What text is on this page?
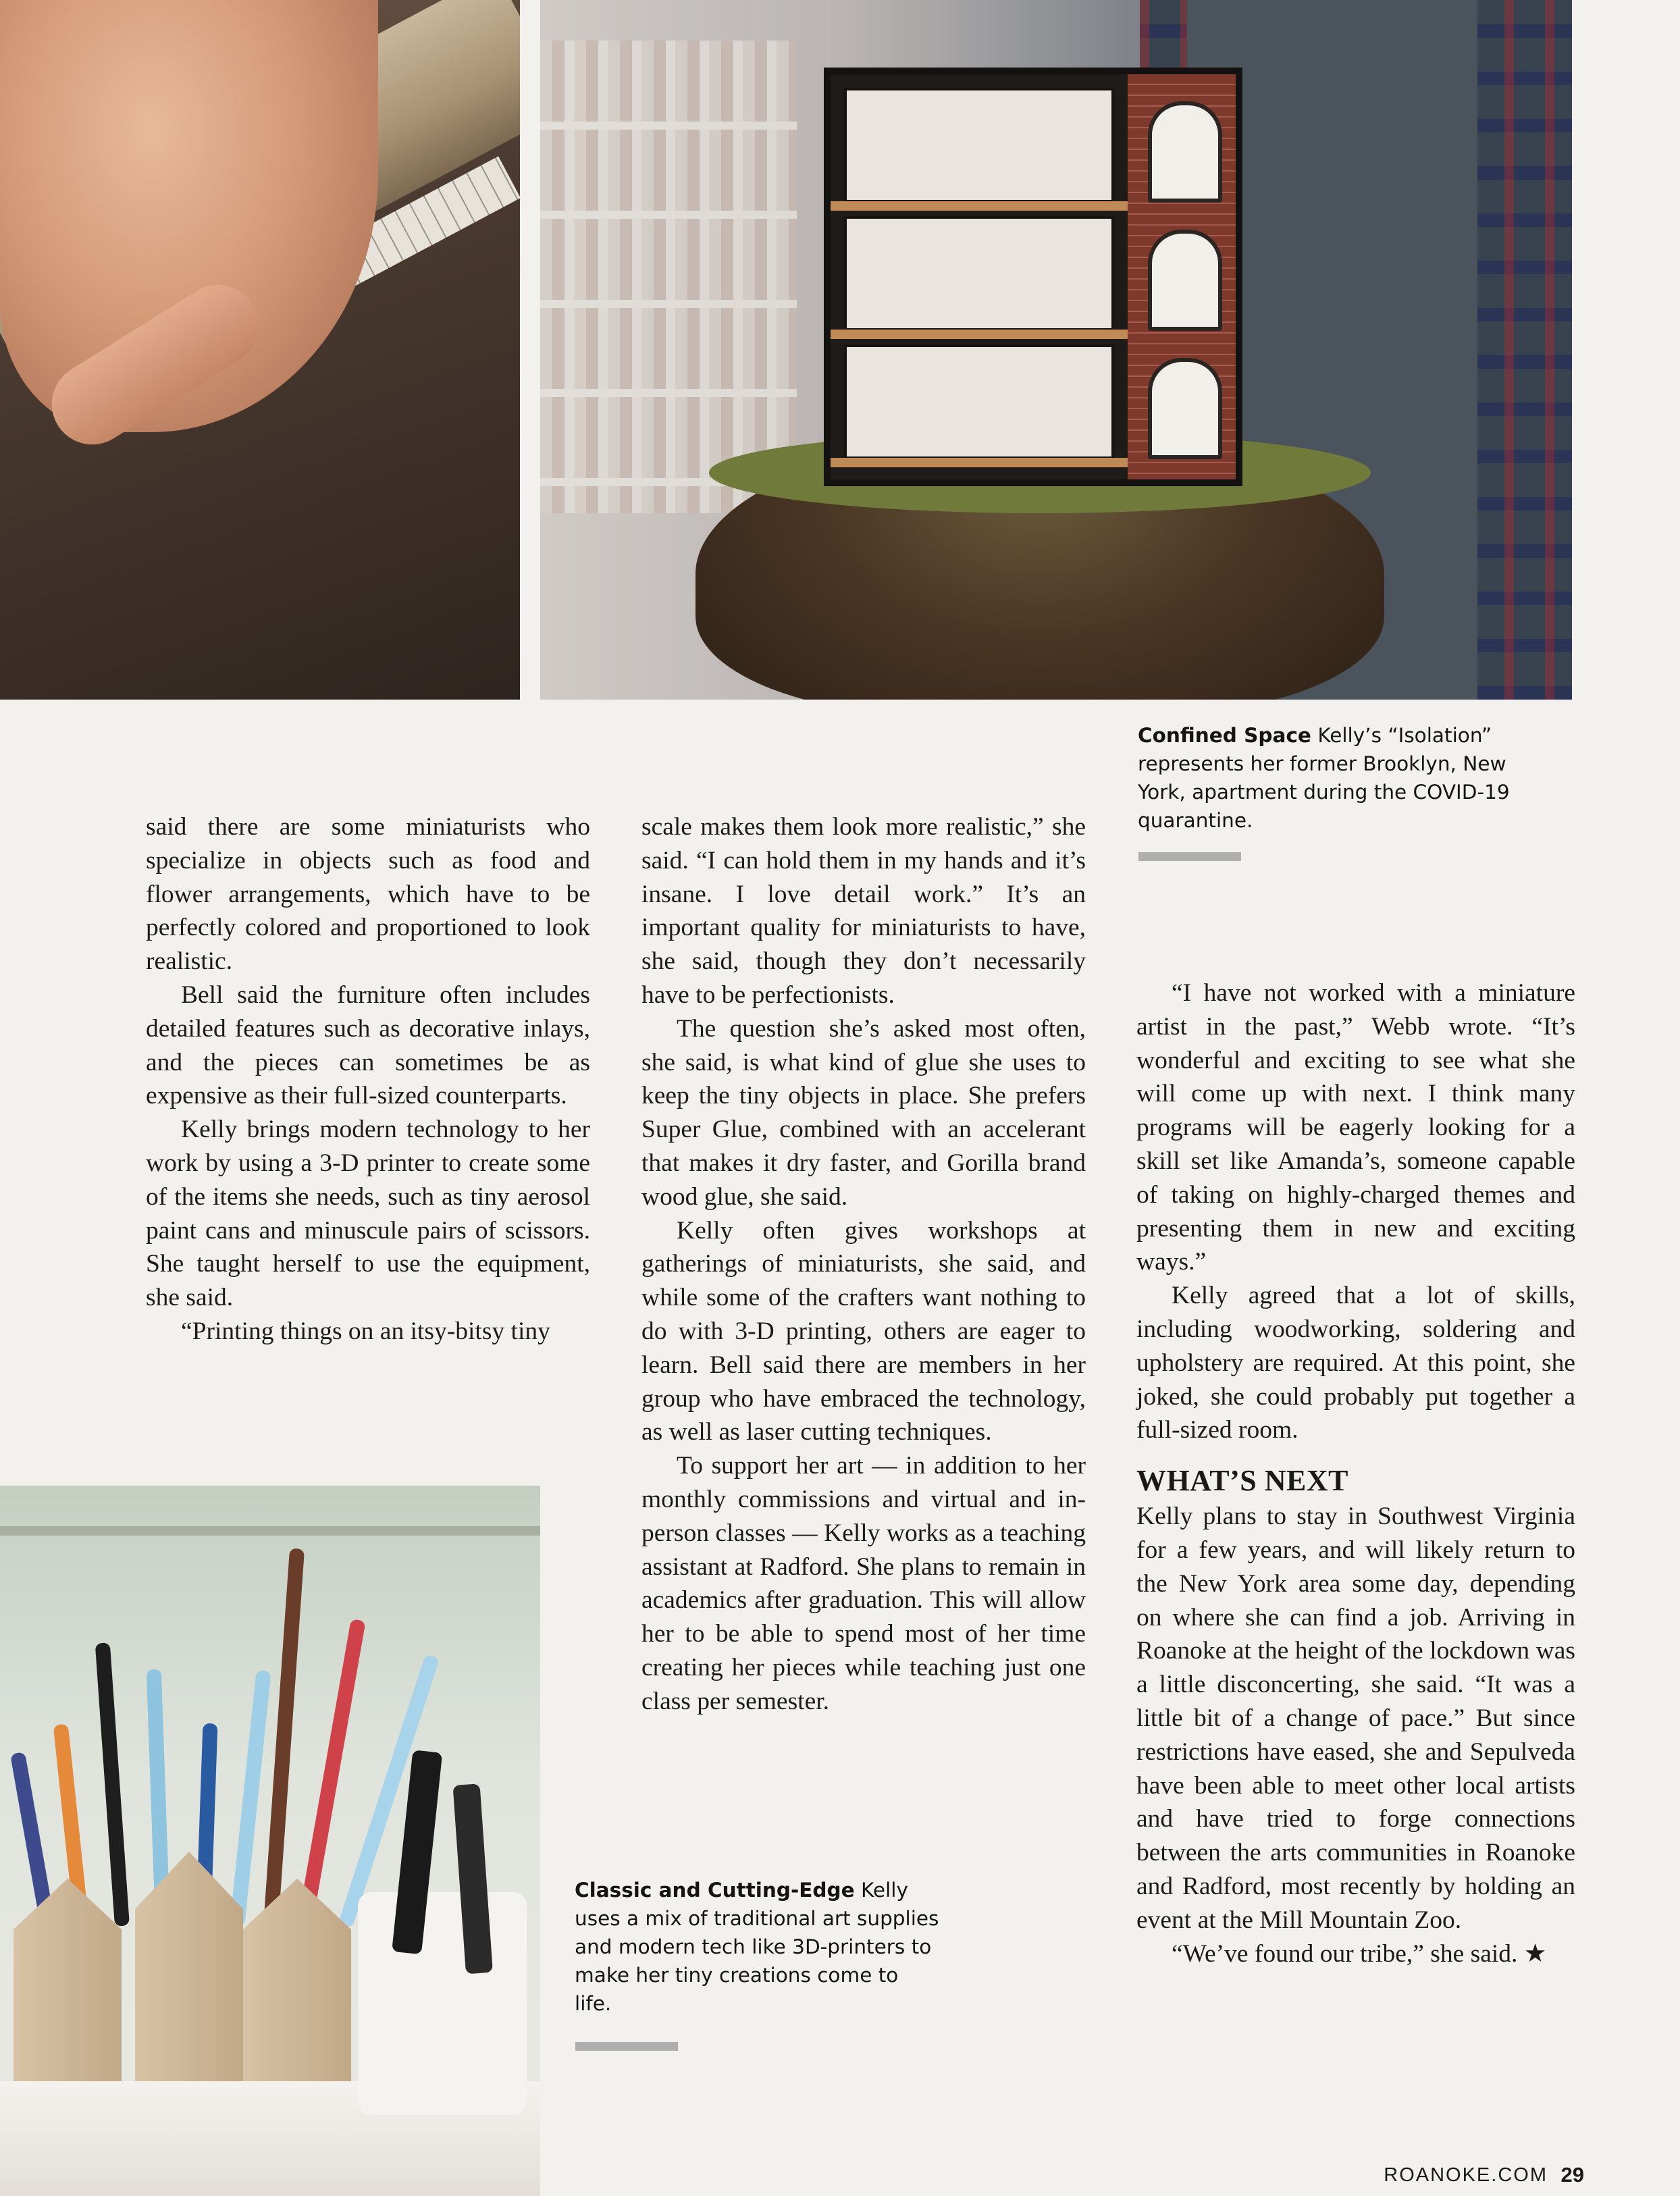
Confined Space Kelly’s “Isolation” represents her former Brooklyn, New York, apartment during the COVID-19 quarantine.

said there are some miniaturists who specialize in objects such as food and flower arrangements, which have to be perfectly colored and proportioned to look realistic.

Bell said the furniture often includes detailed features such as decorative inlays, and the pieces can sometimes be as expensive as their full-sized counterparts.

Kelly brings modern technology to her work by using a 3-D printer to create some of the items she needs, such as tiny aerosol paint cans and minuscule pairs of scissors. She taught herself to use the equipment, she said.

“Printing things on an itsy-bitsy tiny

scale makes them look more realistic,” she said. “I can hold them in my hands and it’s insane. I love detail work.” It’s an important quality for miniaturists to have, she said, though they don’t necessarily have to be perfectionists.

The question she’s asked most often, she said, is what kind of glue she uses to keep the tiny objects in place. She prefers Super Glue, combined with an accelerant that makes it dry faster, and Gorilla brand wood glue, she said.

Kelly often gives workshops at gatherings of miniaturists, she said, and while some of the crafters want nothing to do with 3-D printing, others are eager to learn. Bell said there are members in her group who have embraced the technology, as well as laser cutting techniques.

To support her art — in addition to her monthly commissions and virtual and in-person classes — Kelly works as a teaching assistant at Radford. She plans to remain in academics after graduation. This will allow her to be able to spend most of her time creating her pieces while teaching just one class per semester.

“I have not worked with a miniature artist in the past,” Webb wrote. “It’s wonderful and exciting to see what she will come up with next. I think many programs will be eagerly looking for a skill set like Amanda’s, someone capable of taking on highly-charged themes and presenting them in new and exciting ways.”

Kelly agreed that a lot of skills, including woodworking, soldering and upholstery are required. At this point, she joked, she could probably put together a full-sized room.

WHAT’S NEXT

Kelly plans to stay in Southwest Virginia for a few years, and will likely return to the New York area some day, depending on where she can find a job. Arriving in Roanoke at the height of the lockdown was a little disconcerting, she said. “It was a little bit of a change of pace.” But since restrictions have eased, she and Sepulveda have been able to meet other local artists and have tried to forge connections between the arts communities in Roanoke and Radford, most recently by holding an event at the Mill Mountain Zoo.

“We’ve found our tribe,” she said. ★

Classic and Cutting-Edge Kelly uses a mix of traditional art supplies and modern tech like 3D-printers to make her tiny creations come to life.
ROANOKE.COM 29
